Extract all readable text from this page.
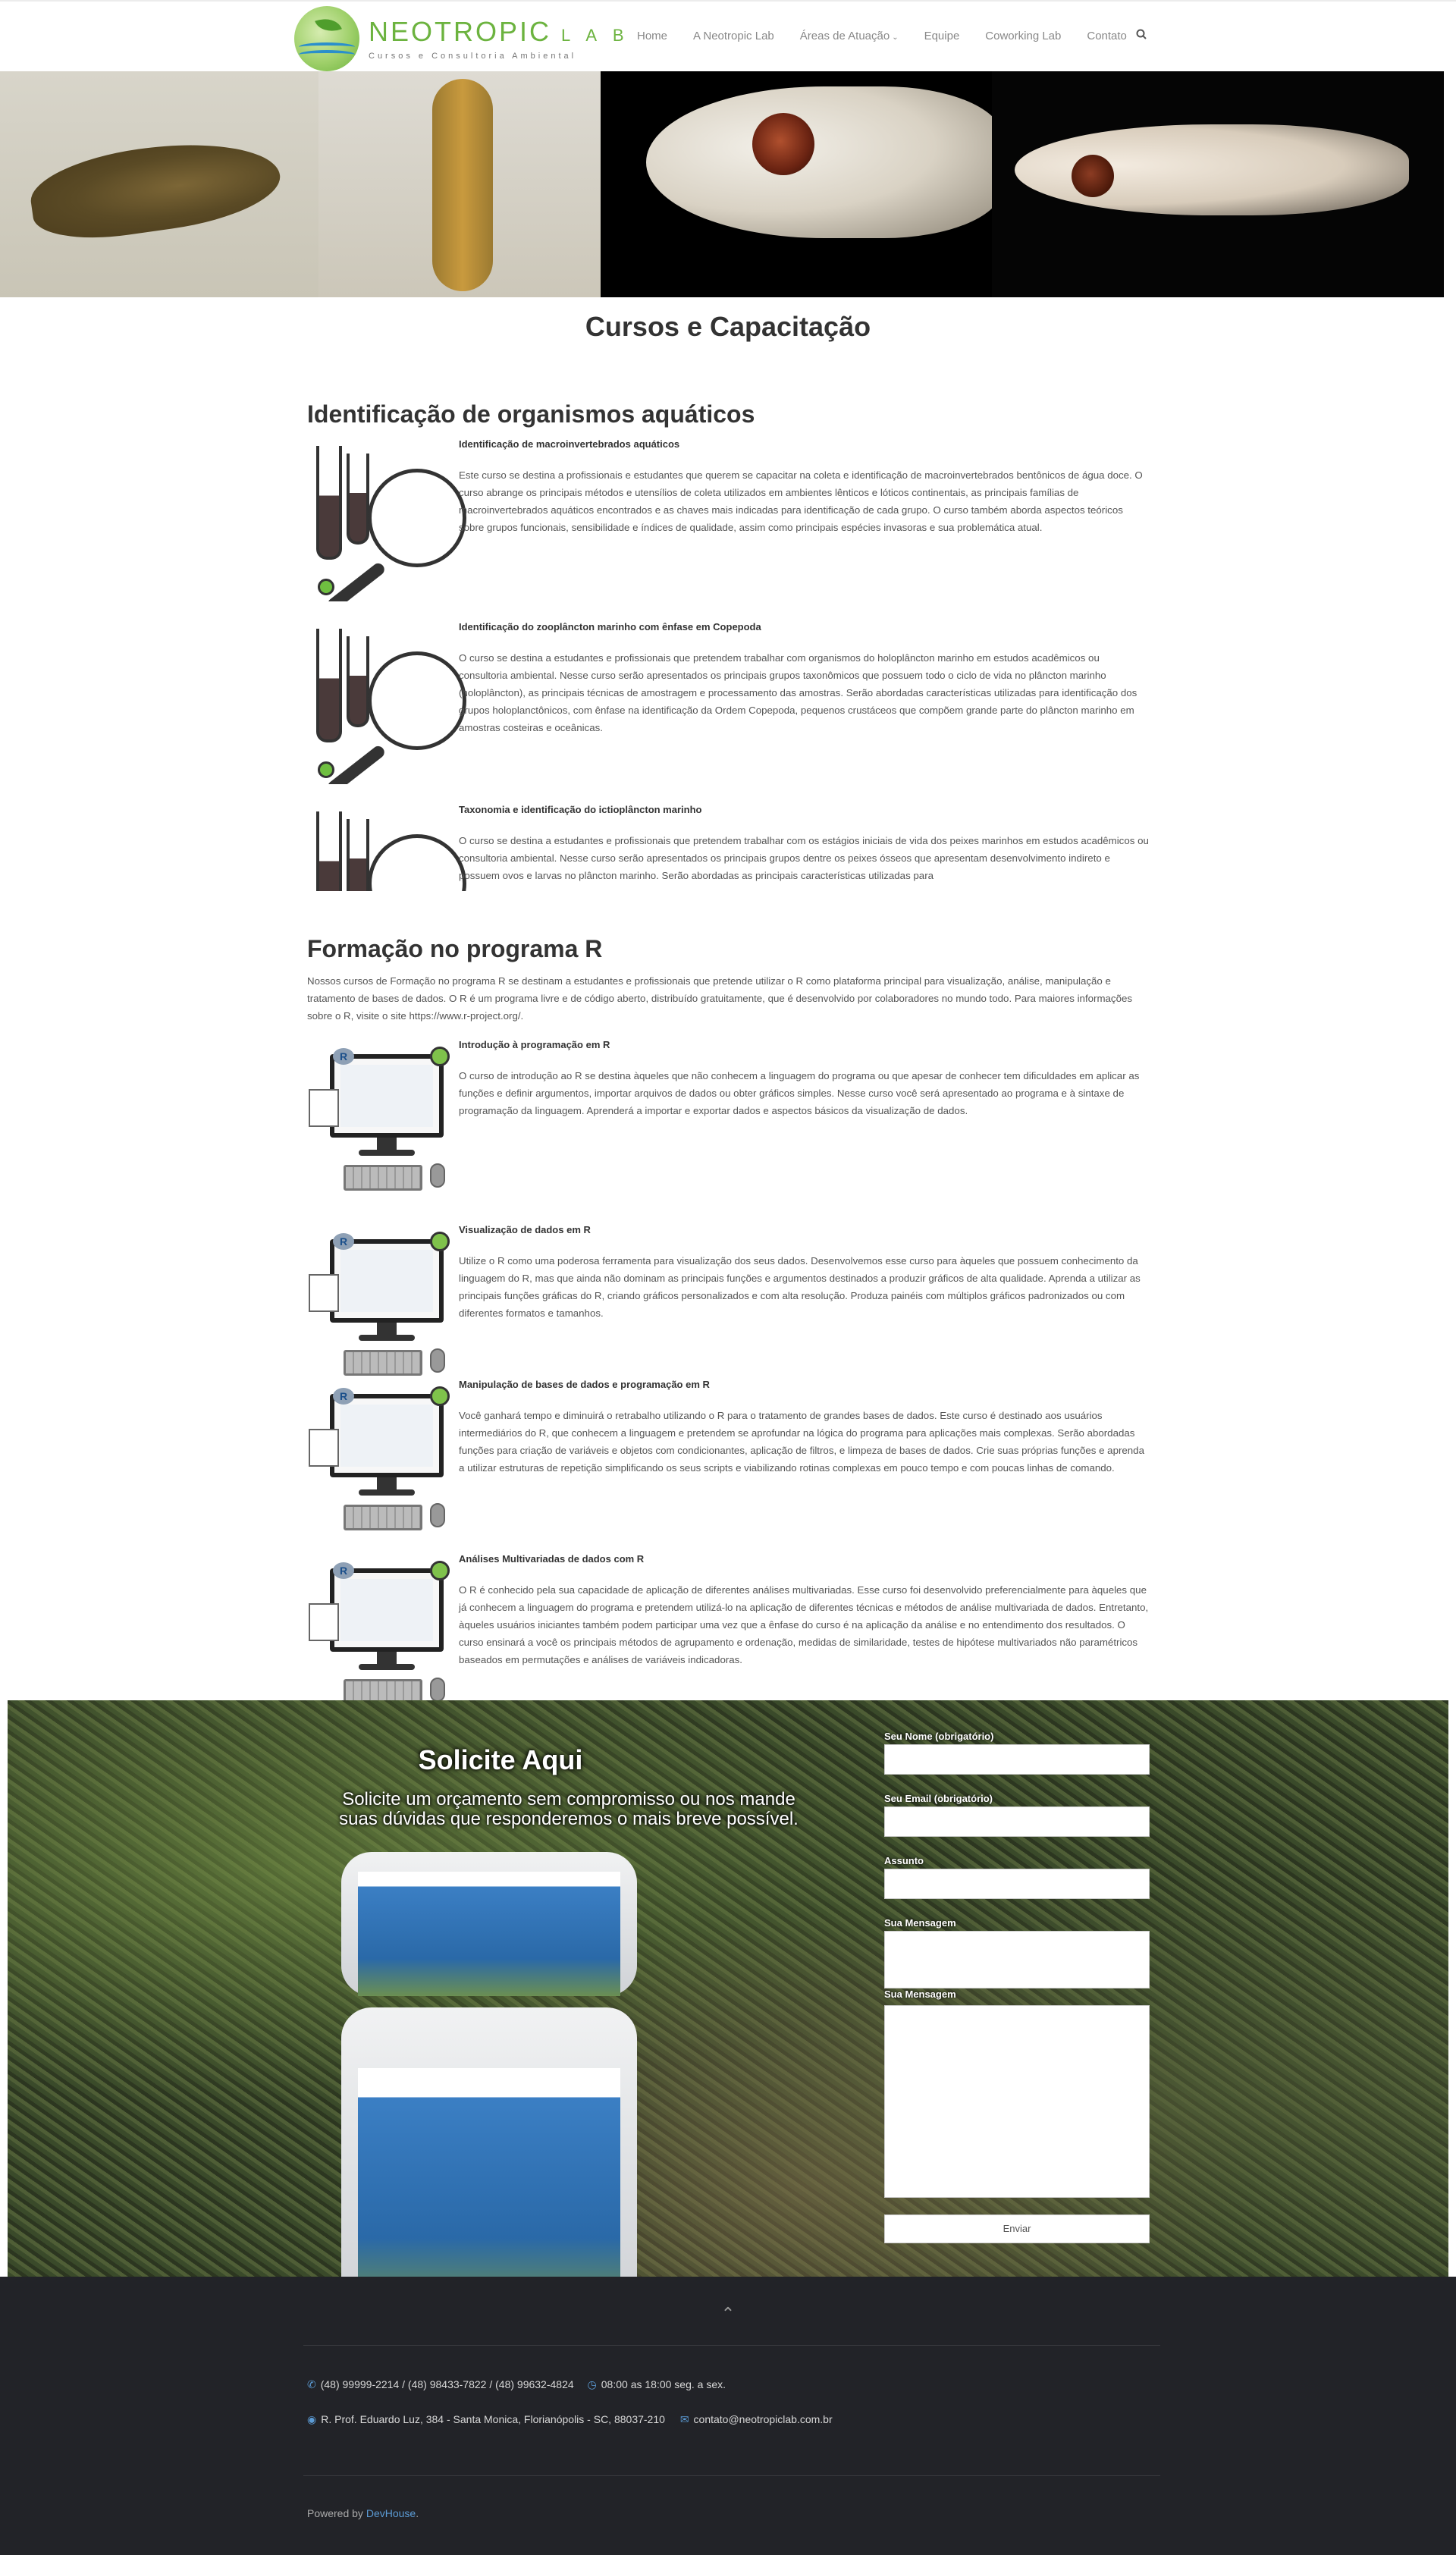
NEOTROPIC L A B
Cursos e Consultoria Ambiental
Home A Neotropic Lab Áreas de Atuação ⌄ Equipe Coworking Lab Contato
Cursos e Capacitação
Identificação de organismos aquáticos
Identificação de macroinvertebrados aquáticos
Este curso se destina a profissionais e estudantes que querem se capacitar na coleta e identificação de macroinvertebrados bentônicos de água doce. O curso abrange os principais métodos e utensílios de coleta utilizados em ambientes lênticos e lóticos continentais, as principais famílias de macroinvertebrados aquáticos encontrados e as chaves mais indicadas para identificação de cada grupo. O curso também aborda aspectos teóricos sobre grupos funcionais, sensibilidade e índices de qualidade, assim como principais espécies invasoras e sua problemática atual.
Identificação do zooplâncton marinho com ênfase em Copepoda
O curso se destina a estudantes e profissionais que pretendem trabalhar com organismos do holoplâncton marinho em estudos acadêmicos ou consultoria ambiental. Nesse curso serão apresentados os principais grupos taxonômicos que possuem todo o ciclo de vida no plâncton marinho (holoplâncton), as principais técnicas de amostragem e processamento das amostras. Serão abordadas características utilizadas para identificação dos grupos holoplanctônicos, com ênfase na identificação da Ordem Copepoda, pequenos crustáceos que compõem grande parte do plâncton marinho em amostras costeiras e oceânicas.
Taxonomia e identificação do ictioplâncton marinho
O curso se destina a estudantes e profissionais que pretendem trabalhar com os estágios iniciais de vida dos peixes marinhos em estudos acadêmicos ou consultoria ambiental. Nesse curso serão apresentados os principais grupos dentre os peixes ósseos que apresentam desenvolvimento indireto e possuem ovos e larvas no plâncton marinho. Serão abordadas as principais características utilizadas para
Formação no programa R
Nossos cursos de Formação no programa R se destinam a estudantes e profissionais que pretende utilizar o R como plataforma principal para visualização, análise, manipulação e tratamento de bases de dados. O R é um programa livre e de código aberto, distribuído gratuitamente, que é desenvolvido por colaboradores no mundo todo. Para maiores informações sobre o R, visite o site https://www.r-project.org/.
R
Introdução à programação em R
O curso de introdução ao R se destina àqueles que não conhecem a linguagem do programa ou que apesar de conhecer tem dificuldades em aplicar as funções e definir argumentos, importar arquivos de dados ou obter gráficos simples. Nesse curso você será apresentado ao programa e à sintaxe de programação da linguagem. Aprenderá a importar e exportar dados e aspectos básicos da visualização de dados.
R
Visualização de dados em R
Utilize o R como uma poderosa ferramenta para visualização dos seus dados. Desenvolvemos esse curso para àqueles que possuem conhecimento da linguagem do R, mas que ainda não dominam as principais funções e argumentos destinados a produzir gráficos de alta qualidade. Aprenda a utilizar as principais funções gráficas do R, criando gráficos personalizados e com alta resolução. Produza painéis com múltiplos gráficos padronizados ou com diferentes formatos e tamanhos.
R
Manipulação de bases de dados e programação em R
Você ganhará tempo e diminuirá o retrabalho utilizando o R para o tratamento de grandes bases de dados. Este curso é destinado aos usuários intermediários do R, que conhecem a linguagem e pretendem se aprofundar na lógica do programa para aplicações mais complexas. Serão abordadas funções para criação de variáveis e objetos com condicionantes, aplicação de filtros, e limpeza de bases de dados. Crie suas próprias funções e aprenda a utilizar estruturas de repetição simplificando os seus scripts e viabilizando rotinas complexas em pouco tempo e com poucas linhas de comando.
R
Análises Multivariadas de dados com R
O R é conhecido pela sua capacidade de aplicação de diferentes análises multivariadas. Esse curso foi desenvolvido preferencialmente para àqueles que já conhecem a linguagem do programa e pretendem utilizá-lo na aplicação de diferentes técnicas e métodos de análise multivariada de dados. Entretanto, àqueles usuários iniciantes também podem participar uma vez que a ênfase do curso é na aplicação da análise e no entendimento dos resultados. O curso ensinará a você os principais métodos de agrupamento e ordenação, medidas de similaridade, testes de hipótese multivariados não paramétricos baseados em permutações e análises de variáveis indicadoras.
Solicite Aqui
Solicite um orçamento sem compromisso ou nos mande suas dúvidas que responderemos o mais breve possível.
Seu Nome (obrigatório)
Seu Email (obrigatório)
Assunto
Sua Mensagem
Sua Mensagem
Enviar
⌃
✆ (48) 99999-2214 / (48) 98433-7822 / (48) 99632-4824 ◷ 08:00 as 18:00 seg. a sex.
◉ R. Prof. Eduardo Luz, 384 - Santa Monica, Florianópolis - SC, 88037-210 ✉ contato@neotropiclab.com.br
Powered by DevHouse.
